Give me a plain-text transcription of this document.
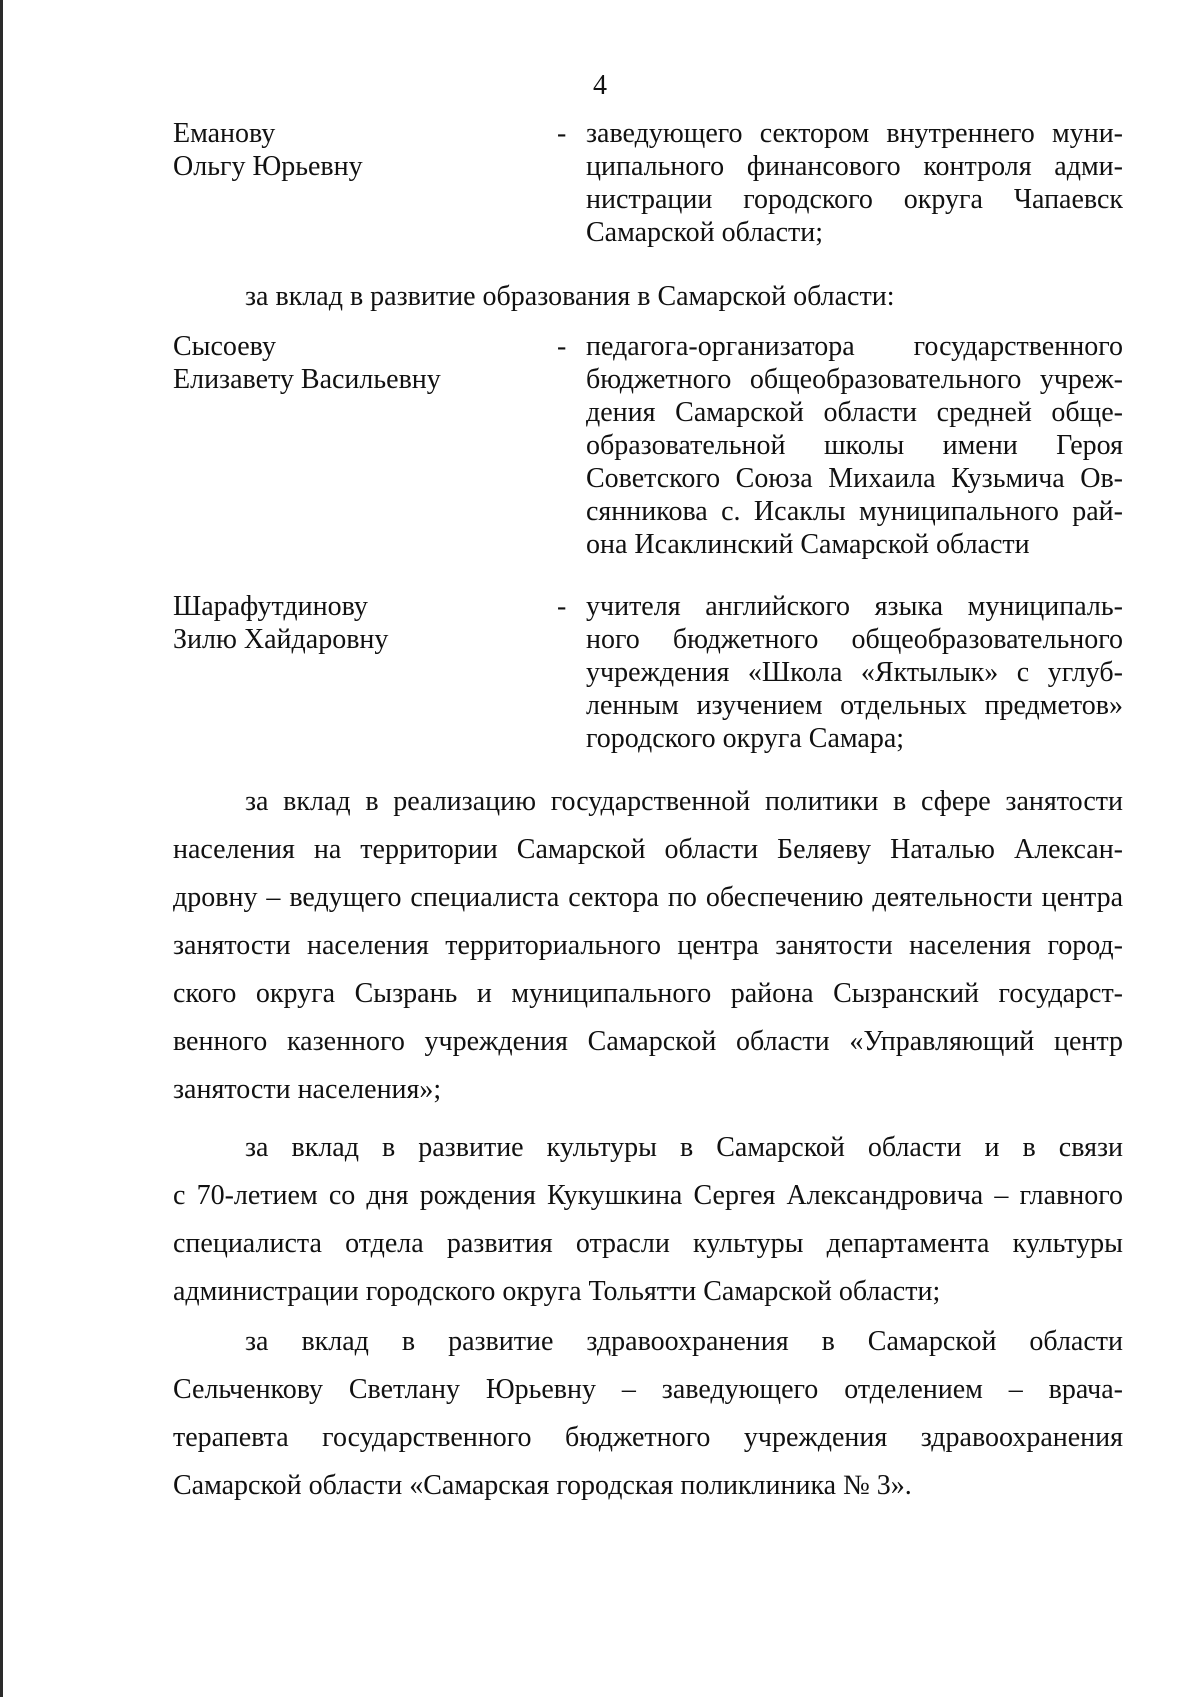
4
Еманову
Ольгу Юрьевну
- заведующего сектором внутреннего муни-
ципального финансового контроля адми-
нистрации городского округа Чапаевск
Самарской области;
за вклад в развитие образования в Самарской области:
Сысоеву
Елизавету Васильевну
- педагога-организатора государственного
бюджетного общеобразовательного учреж-
дения Самарской области средней обще-
образовательной школы имени Героя
Советского Союза Михаила Кузьмича Ов-
сянникова с. Исаклы муниципального рай-
она Исаклинский Самарской области
Шарафутдинову
Зилю Хайдаровну
- учителя английского языка муниципаль-
ного бюджетного общеобразовательного
учреждения «Школа «Яктылык» с углуб-
ленным изучением отдельных предметов»
городского округа Самара;
за вклад в реализацию государственной политики в сфере занятости
населения на территории Самарской области Беляеву Наталью Алексан-
дровну – ведущего специалиста сектора по обеспечению деятельности центра
занятости населения территориального центра занятости населения город-
ского округа Сызрань и муниципального района Сызранский государст-
венного казенного учреждения Самарской области «Управляющий центр
занятости населения»;
за вклад в развитие культуры в Самарской области и в связи
с 70-летием со дня рождения Кукушкина Сергея Александровича – главного
специалиста отдела развития отрасли культуры департамента культуры
администрации городского округа Тольятти Самарской области;
за вклад в развитие здравоохранения в Самарской области
Сельченкову Светлану Юрьевну – заведующего отделением – врача-
терапевта государственного бюджетного учреждения здравоохранения
Самарской области «Самарская городская поликлиника № 3».
